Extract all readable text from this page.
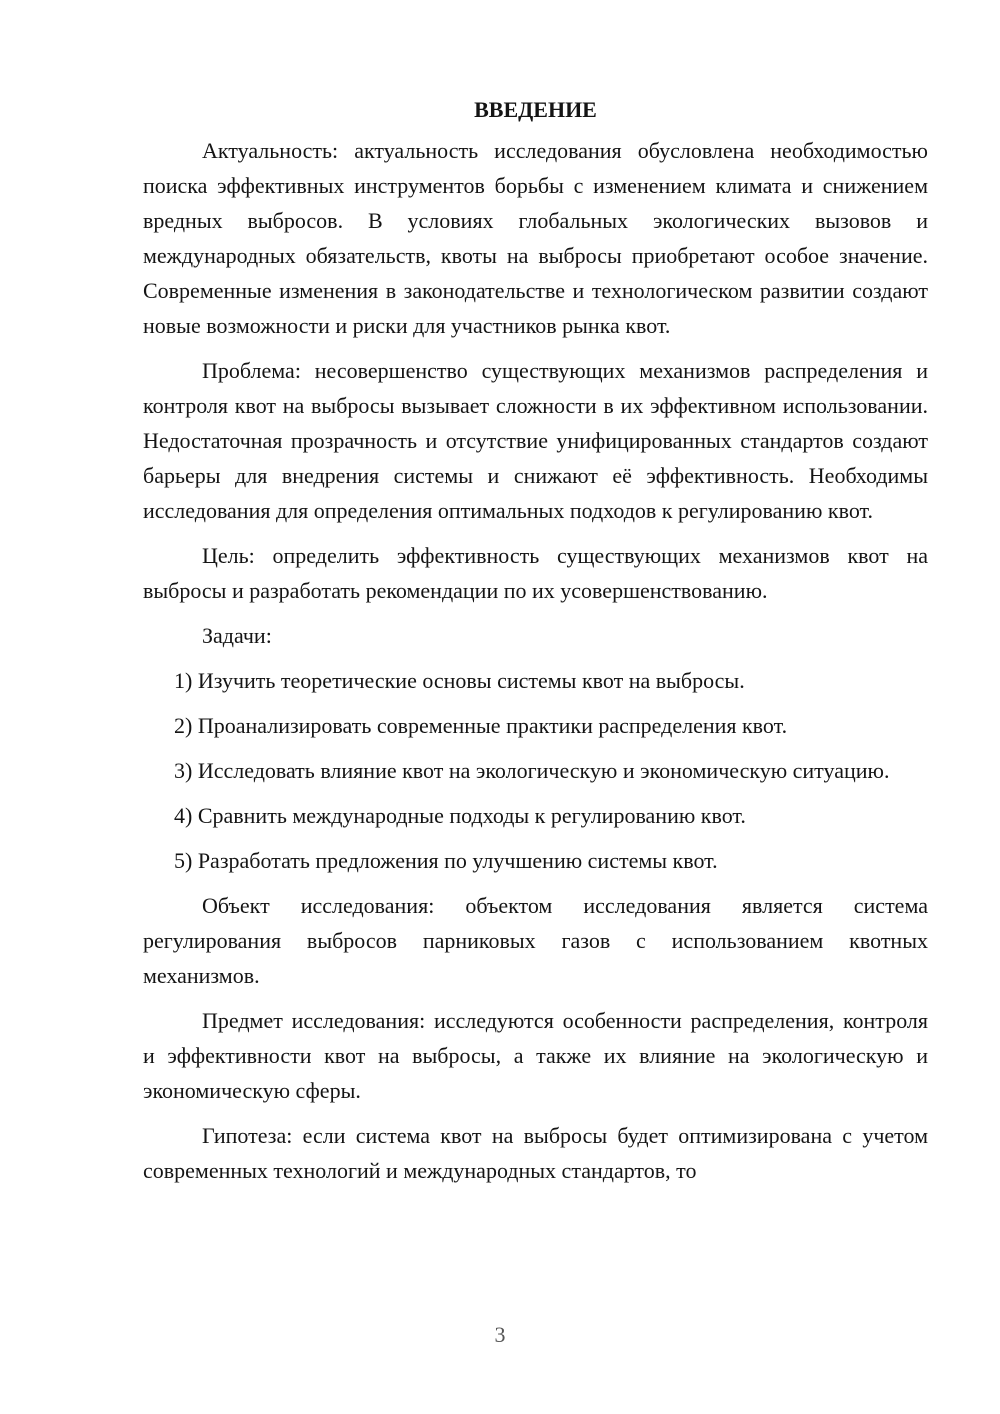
ВВЕДЕНИЕ

Актуальность: актуальность исследования обусловлена необходимостью поиска эффективных инструментов борьбы с изменением климата и снижением вредных выбросов. В условиях глобальных экологических вызовов и международных обязательств, квоты на выбросы приобретают особое значение. Современные изменения в законодательстве и технологическом развитии создают новые возможности и риски для участников рынка квот.

Проблема: несовершенство существующих механизмов распределения и контроля квот на выбросы вызывает сложности в их эффективном использовании. Недостаточная прозрачность и отсутствие унифицированных стандартов создают барьеры для внедрения системы и снижают её эффективность. Необходимы исследования для определения оптимальных подходов к регулированию квот.

Цель: определить эффективность существующих механизмов квот на выбросы и разработать рекомендации по их усовершенствованию.

Задачи:

1) Изучить теоретические основы системы квот на выбросы.

2) Проанализировать современные практики распределения квот.

3) Исследовать влияние квот на экологическую и экономическую ситуацию.

4) Сравнить международные подходы к регулированию квот.

5) Разработать предложения по улучшению системы квот.

Объект исследования: объектом исследования является система регулирования выбросов парниковых газов с использованием квотных механизмов.

Предмет исследования: исследуются особенности распределения, контроля и эффективности квот на выбросы, а также их влияние на экологическую и экономическую сферы.

Гипотеза: если система квот на выбросы будет оптимизирована с учетом современных технологий и международных стандартов, то

3
